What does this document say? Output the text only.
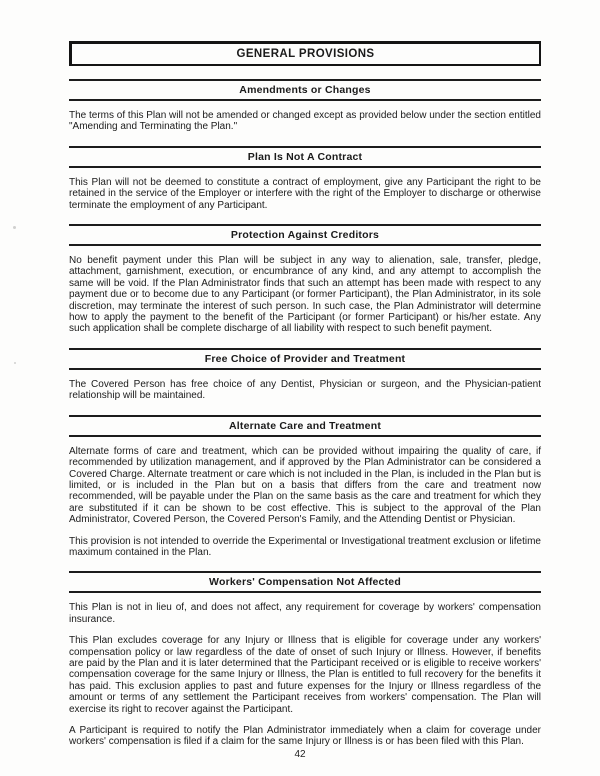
GENERAL PROVISIONS
Amendments or Changes

The terms of this Plan will not be amended or changed except as provided below under the section entitled "Amending and Terminating the Plan."

Plan Is Not A Contract

This Plan will not be deemed to constitute a contract of employment, give any Participant the right to be retained in the service of the Employer or interfere with the right of the Employer to discharge or otherwise terminate the employment of any Participant.

Protection Against Creditors

No benefit payment under this Plan will be subject in any way to alienation, sale, transfer, pledge, attachment, garnishment, execution, or encumbrance of any kind, and any attempt to accomplish the same will be void. If the Plan Administrator finds that such an attempt has been made with respect to any payment due or to become due to any Participant (or former Participant), the Plan Administrator, in its sole discretion, may terminate the interest of such person. In such case, the Plan Administrator will determine how to apply the payment to the benefit of the Participant (or former Participant) or his/her estate. Any such application shall be complete discharge of all liability with respect to such benefit payment.

Free Choice of Provider and Treatment

The Covered Person has free choice of any Dentist, Physician or surgeon, and the Physician-patient relationship will be maintained.

Alternate Care and Treatment

Alternate forms of care and treatment, which can be provided without impairing the quality of care, if recommended by utilization management, and if approved by the Plan Administrator can be considered a Covered Charge. Alternate treatment or care which is not included in the Plan, is included in the Plan but is limited, or is included in the Plan but on a basis that differs from the care and treatment now recommended, will be payable under the Plan on the same basis as the care and treatment for which they are substituted if it can be shown to be cost effective. This is subject to the approval of the Plan Administrator, Covered Person, the Covered Person's Family, and the Attending Dentist or Physician.

This provision is not intended to override the Experimental or Investigational treatment exclusion or lifetime maximum contained in the Plan.

Workers' Compensation Not Affected

This Plan is not in lieu of, and does not affect, any requirement for coverage by workers' compensation insurance.

This Plan excludes coverage for any Injury or Illness that is eligible for coverage under any workers' compensation policy or law regardless of the date of onset of such Injury or Illness. However, if benefits are paid by the Plan and it is later determined that the Participant received or is eligible to receive workers' compensation coverage for the same Injury or Illness, the Plan is entitled to full recovery for the benefits it has paid. This exclusion applies to past and future expenses for the Injury or Illness regardless of the amount or terms of any settlement the Participant receives from workers' compensation. The Plan will exercise its right to recover against the Participant.

A Participant is required to notify the Plan Administrator immediately when a claim for coverage under workers' compensation is filed if a claim for the same Injury or Illness is or has been filed with this Plan.

42
